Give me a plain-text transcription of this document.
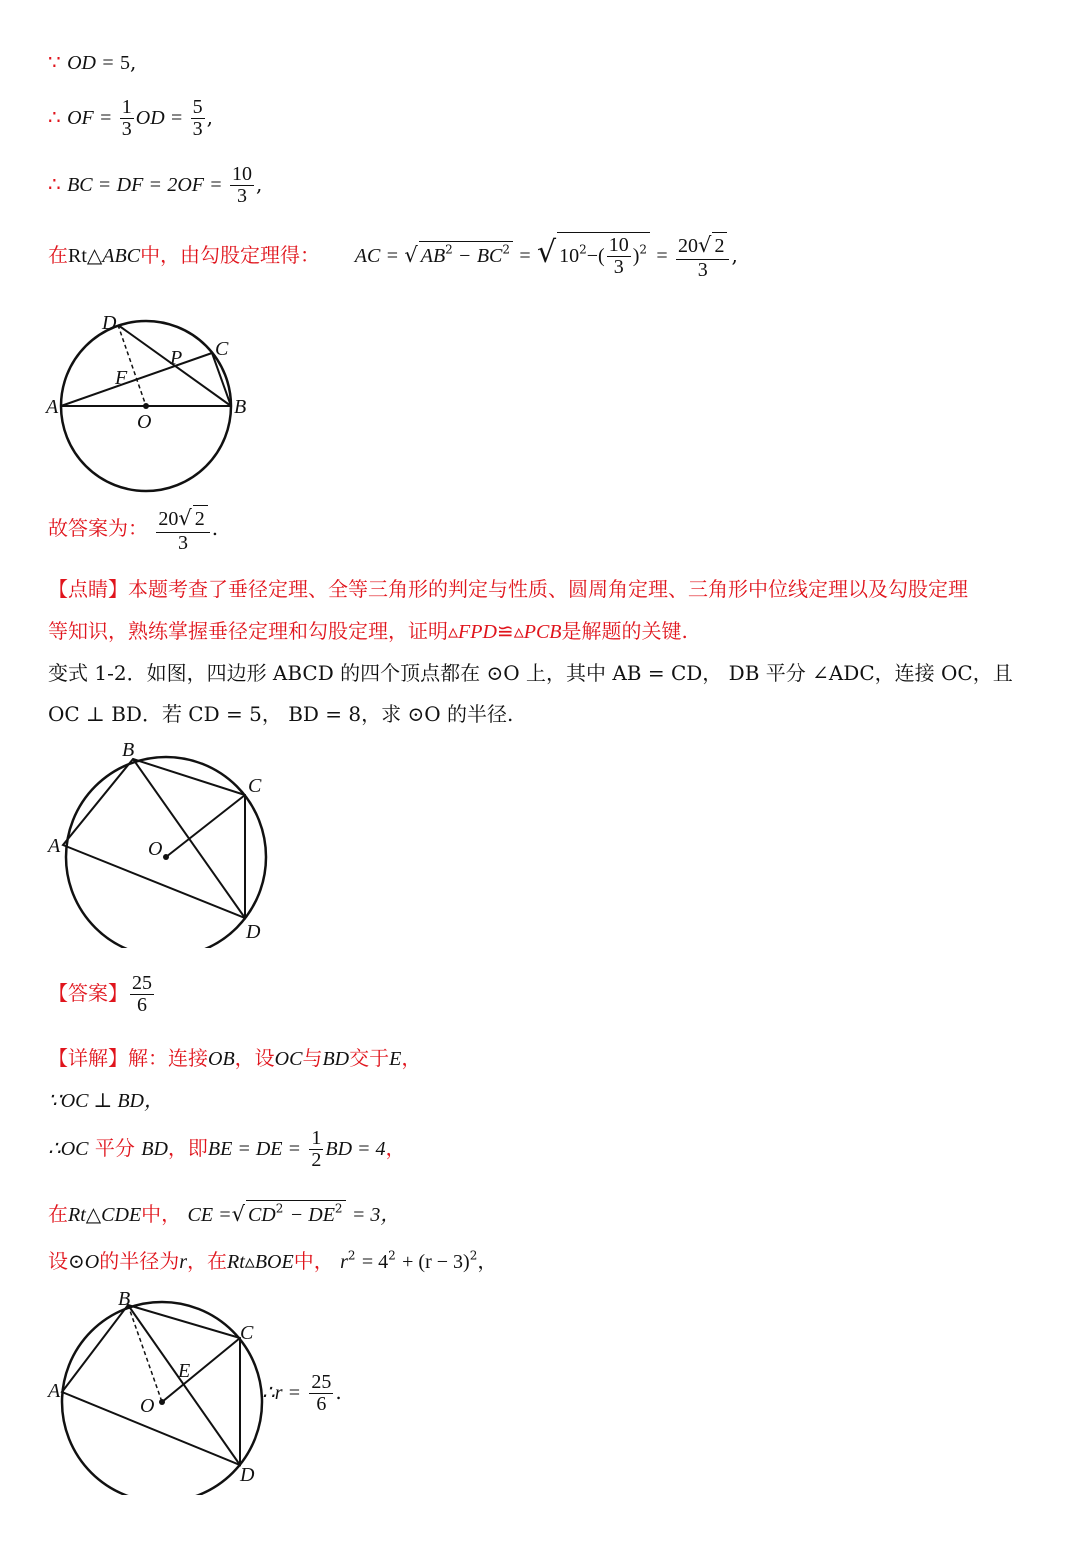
∵ OD = 5,
∴ OF = $\frac{1}{3}$ OD = $\frac{5}{3}$ ,
∴ BC = DF = $2OF = \frac{10}{3}$ ,
在Rt△ABC中，由勾股定理得： AC = √ $AB^2 - BC^2$ = √ $10^2-( \frac{10}{3} )^2 = \frac{20√ 2}{3}$ ,
D
C
P
F
A	B
O
故答案为： $\frac{20√ 2}{3}$ .
【点睛】本题考查了垂径定理、全等三角形的判定与性质、圆周角定理、三角形中位线定理以及勾股定理
等知识，熟练掌握垂径定理和勾股定理，证明▵FPD≌▵PCB是解题的关键.
变式 1-2．如图，四边形 ABCD 的四个顶点都在 ⊙O 上，其中 AB = CD， DB 平分 ∠ADC，连接 OC，且
OC ⊥ BD．若 CD = 5， BD = 8，求 ⊙O 的半径.
B
C
A	O
D
【答案】 $\frac{25}{6}$
【详解】解：连接OB，设OC与BD交于E，
∵OC ⊥ BD，
∴OC 平分 BD，即BE = DE = $\frac{1}{2}$ BD = 4，
在Rt△CDE中， CE =√ $CD^2 - DE^2 = 3$，
设⊙O的半径为r，在Rt▵BOE中， $r^2 = 4^2 + (r - 3)^2$，
B
C
E
A
O
D
∴r = $\frac{25}{6}$ .
